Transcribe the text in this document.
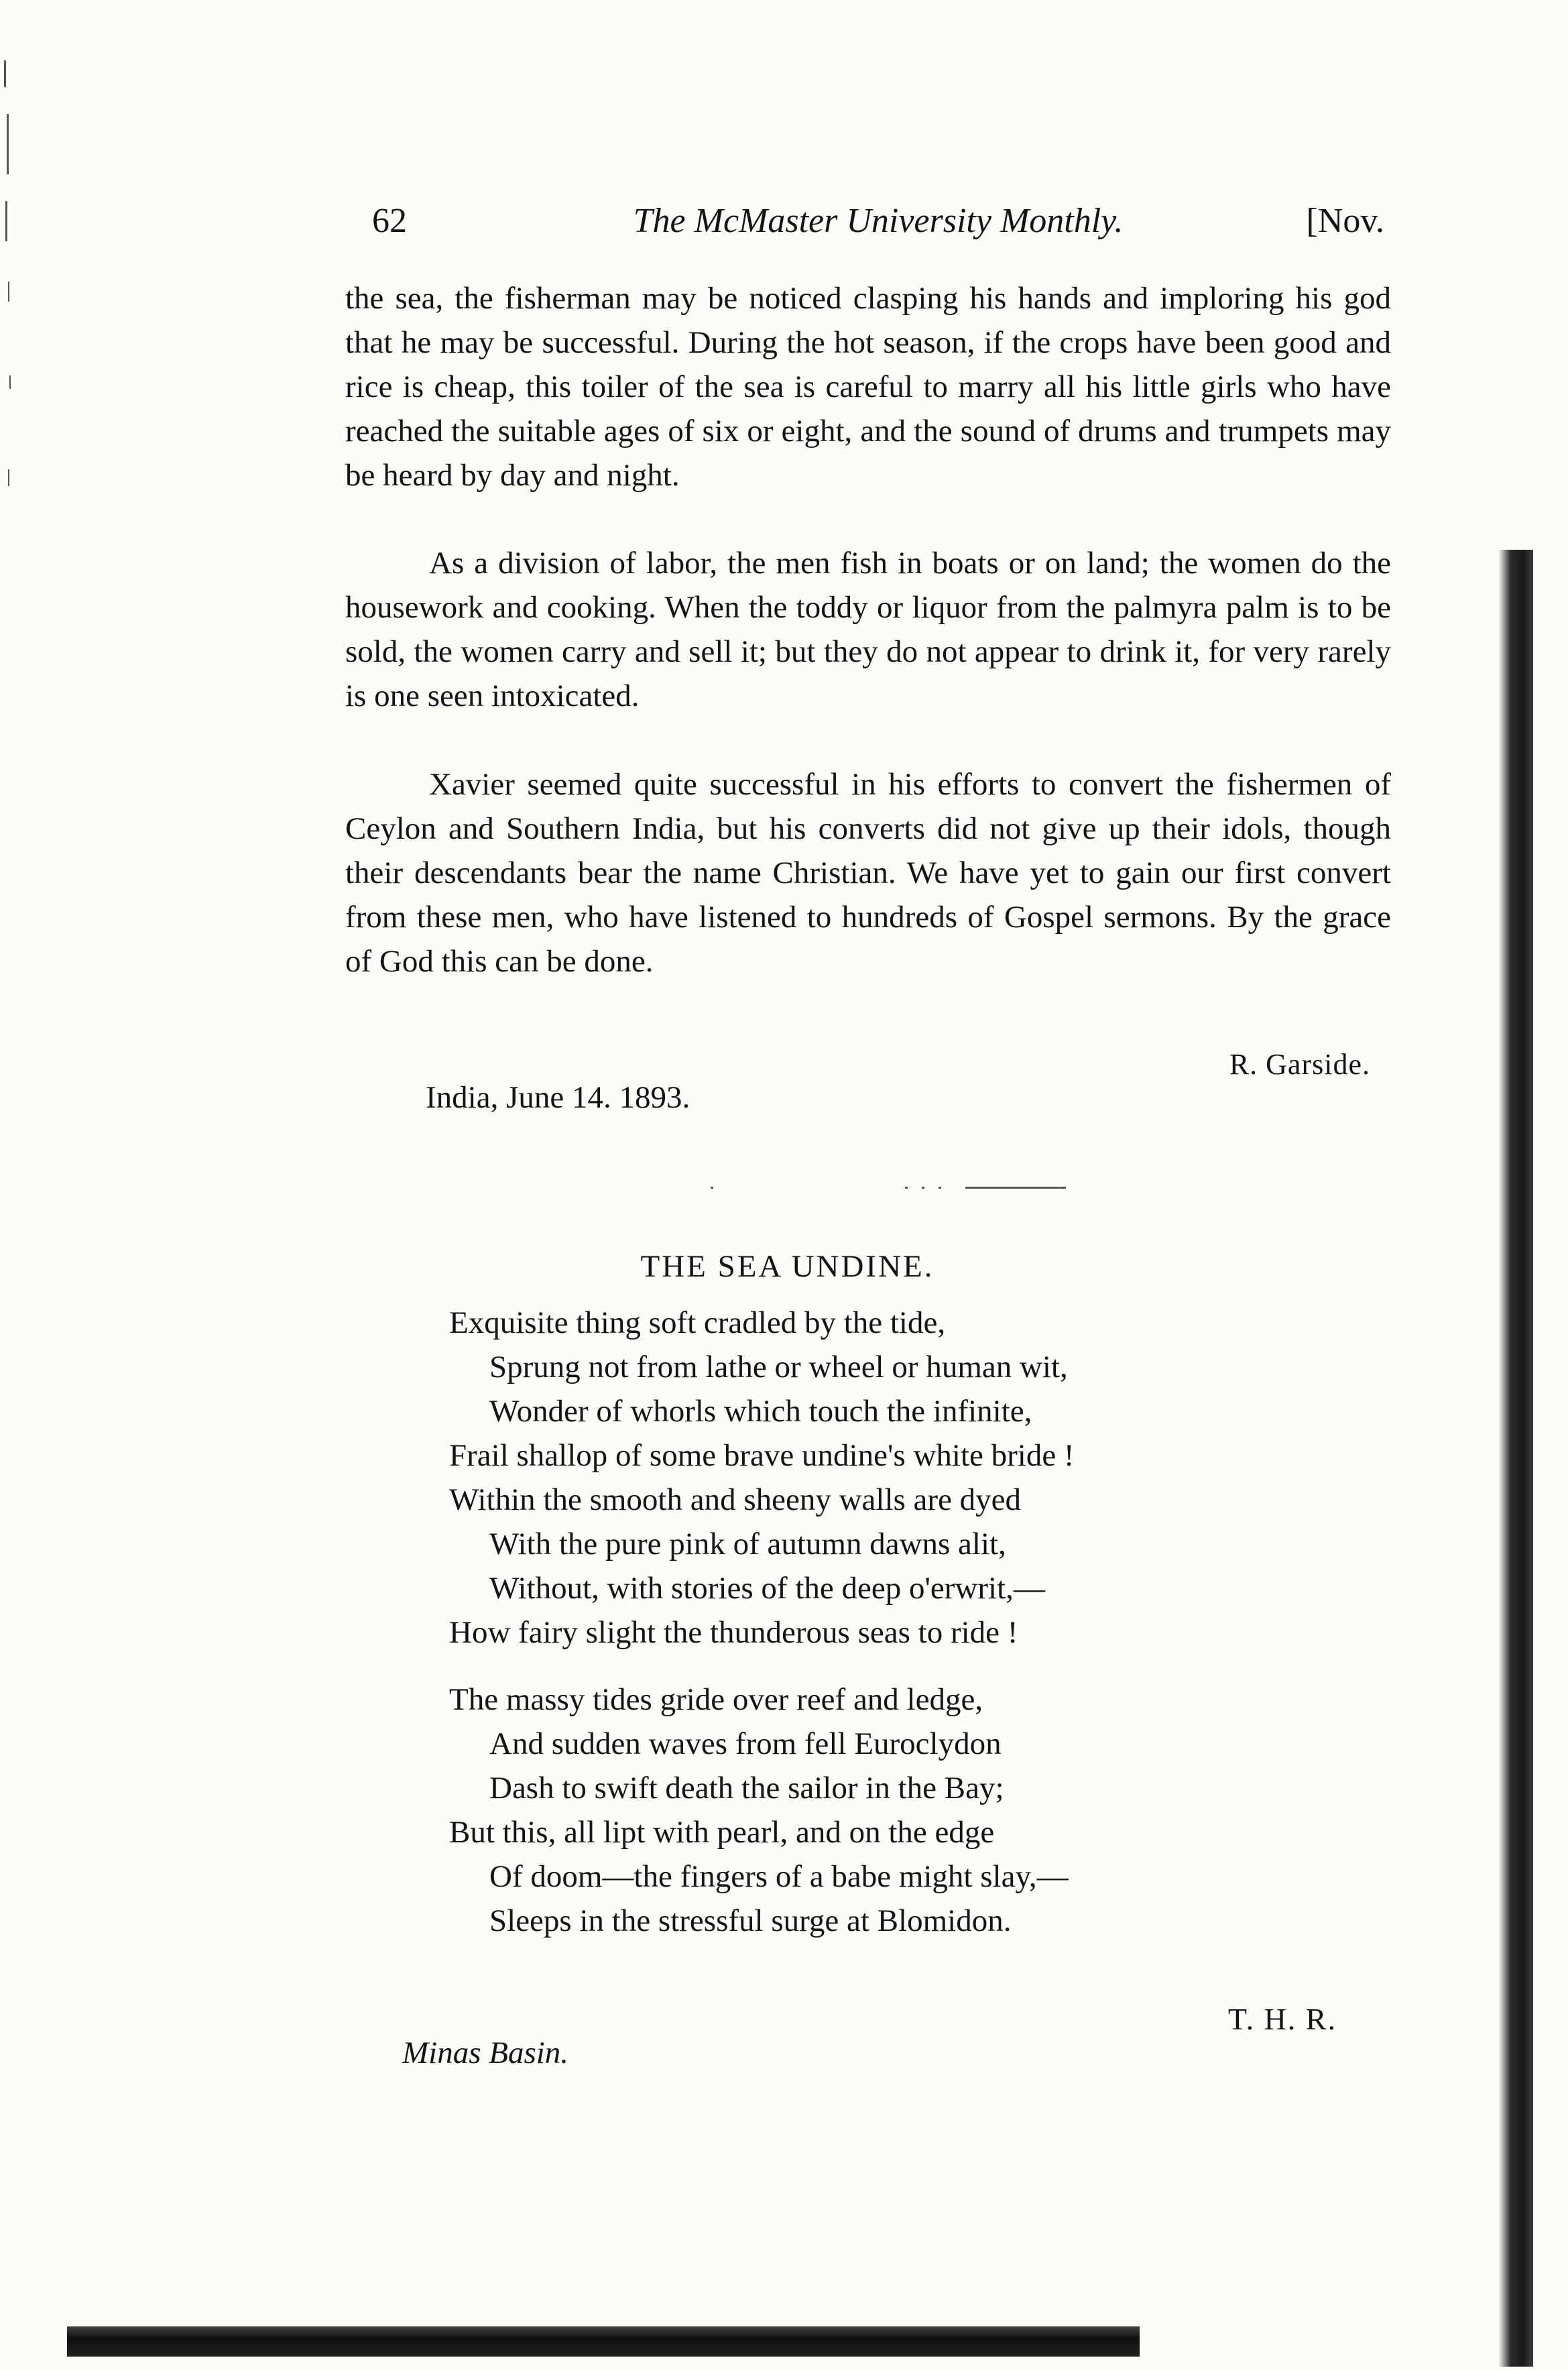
62	The McMaster University Monthly.	[Nov.

the sea, the fisherman may be noticed clasping his hands and imploring his god that he may be successful. During the hot season, if the crops have been good and rice is cheap, this toiler of the sea is careful to marry all his little girls who have reached the suitable ages of six or eight, and the sound of drums and trumpets may be heard by day and night.

As a division of labor, the men fish in boats or on land; the women do the housework and cooking. When the toddy or liquor from the palmyra palm is to be sold, the women carry and sell it; but they do not appear to drink it, for very rarely is one seen intoxicated.

Xavier seemed quite successful in his efforts to convert the fishermen of Ceylon and Southern India, but his converts did not give up their idols, though their descendants bear the name Christian. We have yet to gain our first convert from these men, who have listened to hundreds of Gospel sermons. By the grace of God this can be done.

R. Garside.
India, June 14. 1893.
THE SEA UNDINE.
Exquisite thing soft cradled by the tide,
Sprung not from lathe or wheel or human wit,
Wonder of whorls which touch the infinite,
Frail shallop of some brave undine's white bride !
Within the smooth and sheeny walls are dyed
With the pure pink of autumn dawns alit,
Without, with stories of the deep o'erwrit,—
How fairy slight the thunderous seas to ride !
The massy tides gride over reef and ledge,
And sudden waves from fell Euroclydon
Dash to swift death the sailor in the Bay;
But this, all lipt with pearl, and on the edge
Of doom—the fingers of a babe might slay,—
Sleeps in the stressful surge at Blomidon.
T. H. R.
Minas Basin.
